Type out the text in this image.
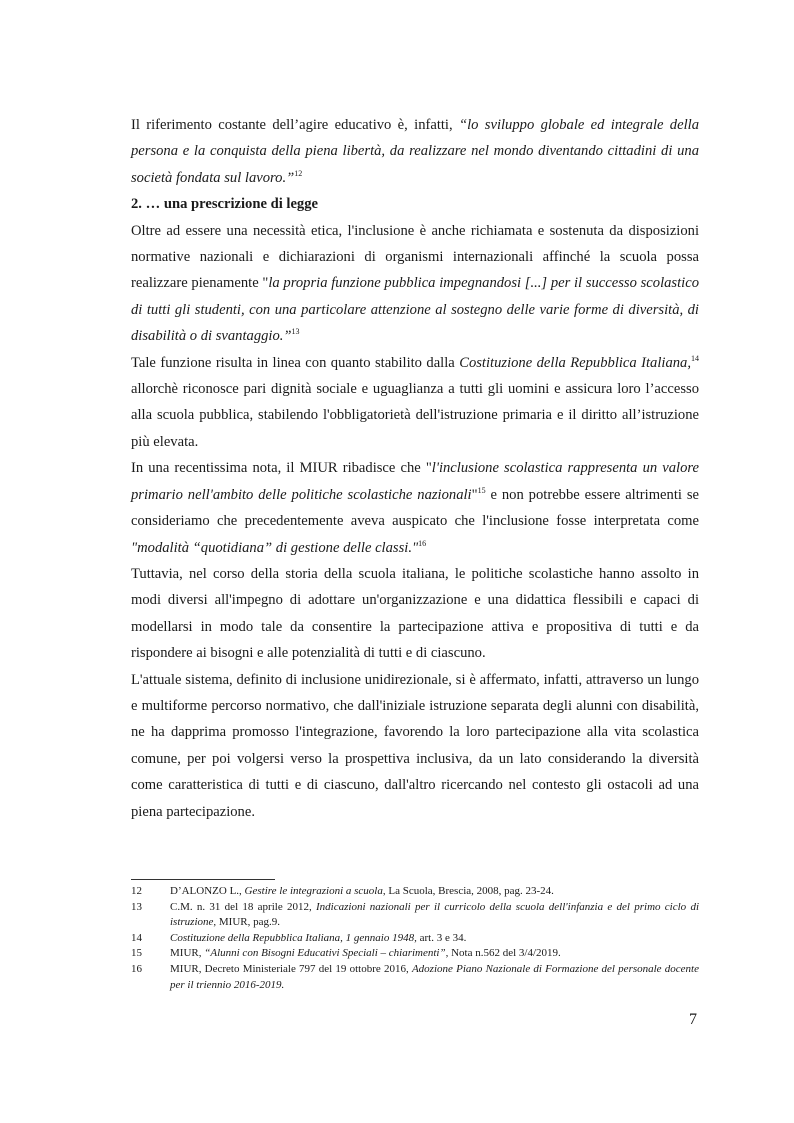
Il riferimento costante dell’agire educativo è, infatti, “lo sviluppo globale ed integrale della persona e la conquista della piena libertà, da realizzare nel mondo diventando cittadini di una società fondata sul lavoro.”$^{12}$

2. … una prescrizione di legge

Oltre ad essere una necessità etica, l'inclusione è anche richiamata e sostenuta da disposizioni normative nazionali e dichiarazioni di organismi internazionali affinché la scuola possa realizzare pienamente "la propria funzione pubblica impegnandosi [...] per il successo scolastico di tutti gli studenti, con una particolare attenzione al sostegno delle varie forme di diversità, di disabilità o di svantaggio.”$^{13}$

Tale funzione risulta in linea con quanto stabilito dalla Costituzione della Repubblica Italiana,$^{14}$ allorchè riconosce pari dignità sociale e uguaglianza a tutti gli uomini e assicura loro l’accesso alla scuola pubblica, stabilendo l'obbligatorietà dell'istruzione primaria e il diritto all’istruzione più elevata.

In una recentissima nota, il MIUR ribadisce che "l'inclusione scolastica rappresenta un valore primario nell'ambito delle politiche scolastiche nazionali"$^{15}$ e non potrebbe essere altrimenti se consideriamo che precedentemente aveva auspicato che l'inclusione fosse interpretata come "modalità “quotidiana” di gestione delle classi."$^{16}$

Tuttavia, nel corso della storia della scuola italiana, le politiche scolastiche hanno assolto in modi diversi all'impegno di adottare un'organizzazione e una didattica flessibili e capaci di modellarsi in modo tale da consentire la partecipazione attiva e propositiva di tutti e da rispondere ai bisogni e alle potenzialità di tutti e di ciascuno.

L'attuale sistema, definito di inclusione unidirezionale, si è affermato, infatti, attraverso un lungo e multiforme percorso normativo, che dall'iniziale istruzione separata degli alunni con disabilità, ne ha dapprima promosso l'integrazione, favorendo la loro partecipazione alla vita scolastica comune, per poi volgersi verso la prospettiva inclusiva, da un lato considerando la diversità come caratteristica di tutti e di ciascuno, dall'altro ricercando nel contesto gli ostacoli ad una piena partecipazione.

12	D’ALONZO L., Gestire le integrazioni a scuola, La Scuola, Brescia, 2008, pag. 23-24.
13	C.M. n. 31 del 18 aprile 2012, Indicazioni nazionali per il curricolo della scuola dell'infanzia e del primo ciclo di istruzione, MIUR, pag.9.
14	Costituzione della Repubblica Italiana, 1 gennaio 1948, art. 3 e 34.
15	MIUR, “Alunni con Bisogni Educativi Speciali – chiarimenti”, Nota n.562 del 3/4/2019.
16	MIUR, Decreto Ministeriale 797 del 19 ottobre 2016, Adozione Piano Nazionale di Formazione del personale docente per il triennio 2016-2019.
7
